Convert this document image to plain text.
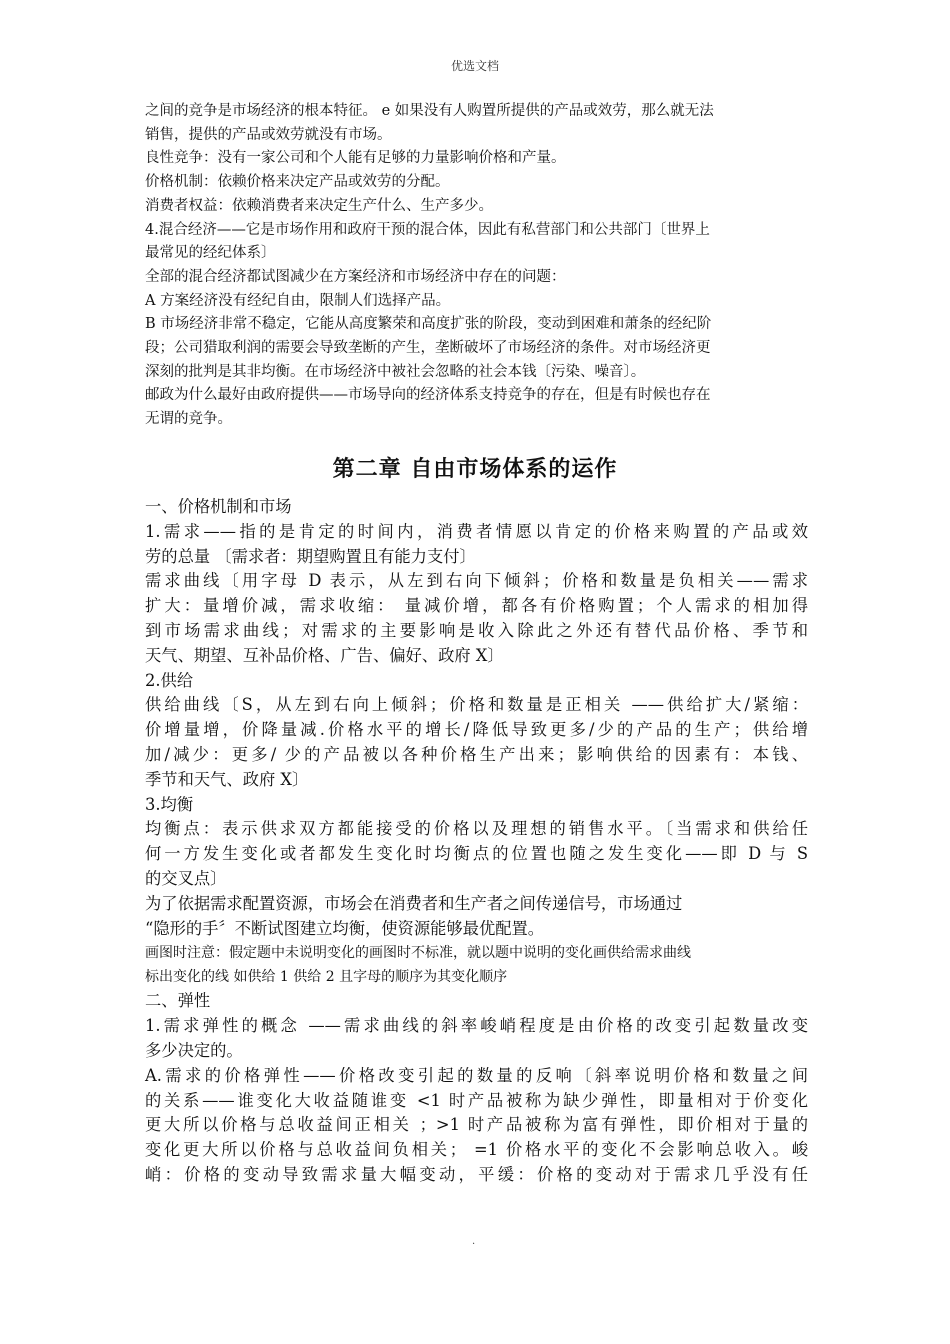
优选文档

之间的竞争是市场经济的根本特征。 e 如果没有人购置所提供的产品或效劳，那么就无法

销售，提供的产品或效劳就没有市场。

良性竞争：没有一家公司和个人能有足够的力量影响价格和产量。

价格机制：依赖价格来决定产品或效劳的分配。

消费者权益：依赖消费者来决定生产什么、生产多少。

4.混合经济——它是市场作用和政府干预的混合体，因此有私营部门和公共部门〔世界上

最常见的经纪体系〕

全部的混合经济都试图减少在方案经济和市场经济中存在的问题：

A 方案经济没有经纪自由，限制人们选择产品。

B 市场经济非常不稳定，它能从高度繁荣和高度扩张的阶段，变动到困难和萧条的经纪阶

段；公司猎取利润的需要会导致垄断的产生，垄断破坏了市场经济的条件。对市场经济更

深刻的批判是其非均衡。在市场经济中被社会忽略的社会本钱〔污染、噪音〕。

邮政为什么最好由政府提供——市场导向的经济体系支持竞争的存在，但是有时候也存在

无谓的竞争。

第二章 自由市场体系的运作

一、价格机制和市场

1.需求——指的是肯定的时间内，消费者情愿以肯定的价格来购置的产品或效

劳的总量 〔需求者：期望购置且有能力支付〕

需求曲线〔用字母 D 表示，从左到右向下倾斜；价格和数量是负相关——需求

扩大：量增价减，需求收缩： 量减价增，都各有价格购置；个人需求的相加得

到市场需求曲线；对需求的主要影响是收入除此之外还有替代品价格、季节和

天气、期望、互补品价格、广告、偏好、政府 X〕

2.供给

供给曲线〔S，从左到右向上倾斜；价格和数量是正相关 ——供给扩大/紧缩：

价增量增，价降量减.价格水平的增长/降低导致更多/少的产品的生产；供给增

加/减少：更多/ 少的产品被以各种价格生产出来；影响供给的因素有：本钱、

季节和天气、政府 X〕

3.均衡

均衡点：表示供求双方都能接受的价格以及理想的销售水平。〔当需求和供给任

何一方发生变化或者都发生变化时均衡点的位置也随之发生变化——即 D 与 S

的交叉点〕

为了依据需求配置资源，市场会在消费者和生产者之间传递信号，市场通过

“隐形的手〞不断试图建立均衡，使资源能够最优配置。

画图时注意：假定题中未说明变化的画图时不标准，就以题中说明的变化画供给需求曲线

标出变化的线 如供给 1 供给 2 且字母的顺序为其变化顺序

二、弹性

1.需求弹性的概念 ——需求曲线的斜率峻峭程度是由价格的改变引起数量改变

多少决定的。

A.需求的价格弹性——价格改变引起的数量的反响〔斜率说明价格和数量之间

的关系——谁变化大收益随谁变 <1 时产品被称为缺少弹性，即量相对于价变化

更大所以价格与总收益间正相关 ；>1 时产品被称为富有弹性，即价相对于量的

变化更大所以价格与总收益间负相关； =1 价格水平的变化不会影响总收入。峻

峭：价格的变动导致需求量大幅变动，平缓：价格的变动对于需求几乎没有任

.
